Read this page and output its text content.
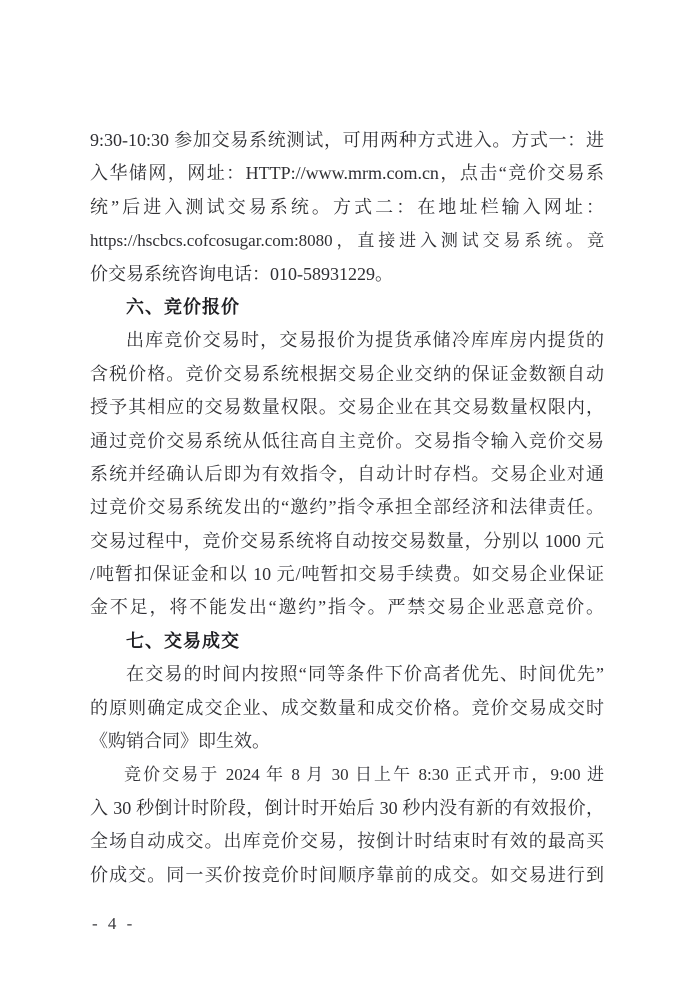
9:30-10:30 参加交易系统测试，可用两种方式进入。方式一：进
入华储网，网址：HTTP://www.mrm.com.cn，点击“竞价交易系
统”后进入测试交易系统。方式二：在地址栏输入网址：
https://hscbcs.cofcosugar.com:8080，直接进入测试交易系统。竞
价交易系统咨询电话：010-58931229。
六、竞价报价
出库竞价交易时，交易报价为提货承储冷库库房内提货的
含税价格。竞价交易系统根据交易企业交纳的保证金数额自动
授予其相应的交易数量权限。交易企业在其交易数量权限内，
通过竞价交易系统从低往高自主竞价。交易指令输入竞价交易
系统并经确认后即为有效指令，自动计时存档。交易企业对通
过竞价交易系统发出的“邀约”指令承担全部经济和法律责任。
交易过程中，竞价交易系统将自动按交易数量，分别以 1000 元
/吨暂扣保证金和以 10 元/吨暂扣交易手续费。如交易企业保证
金不足，将不能发出“邀约”指令。严禁交易企业恶意竞价。
七、交易成交
在交易的时间内按照“同等条件下价高者优先、时间优先”
的原则确定成交企业、成交数量和成交价格。竞价交易成交时
《购销合同》即生效。
竞价交易于 2024 年 8 月 30 日上午 8:30 正式开市，9:00 进
入 30 秒倒计时阶段，倒计时开始后 30 秒内没有新的有效报价，
全场自动成交。出库竞价交易，按倒计时结束时有效的最高买
价成交。同一买价按竞价时间顺序靠前的成交。如交易进行到
- 4 -
